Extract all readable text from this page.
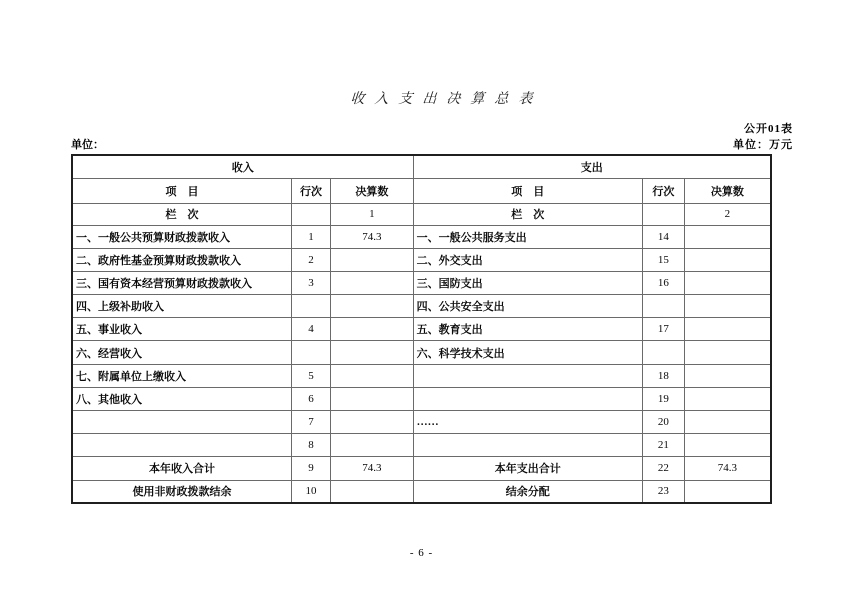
收入支出决算总表
公开01表
单位：	单位：万元
收入			支出		
项　目	行次	决算数	项　目	行次	决算数
栏　次		1	栏　次		2
一、一般公共预算财政拨款收入	1	74.3	一、一般公共服务支出	14	
二、政府性基金预算财政拨款收入	2		二、外交支出	15	
三、国有资本经营预算财政拨款收入	3		三、国防支出	16	
四、上级补助收入			四、公共安全支出		
五、事业收入	4		五、教育支出	17	
六、经营收入			六、科学技术支出		
七、附属单位上缴收入	5			18	
八、其他收入	6			19	
	7		……	20	
	8			21	
本年收入合计	9	74.3	本年支出合计	22	74.3
使用非财政拨款结余	10		结余分配	23	
- 6 -
